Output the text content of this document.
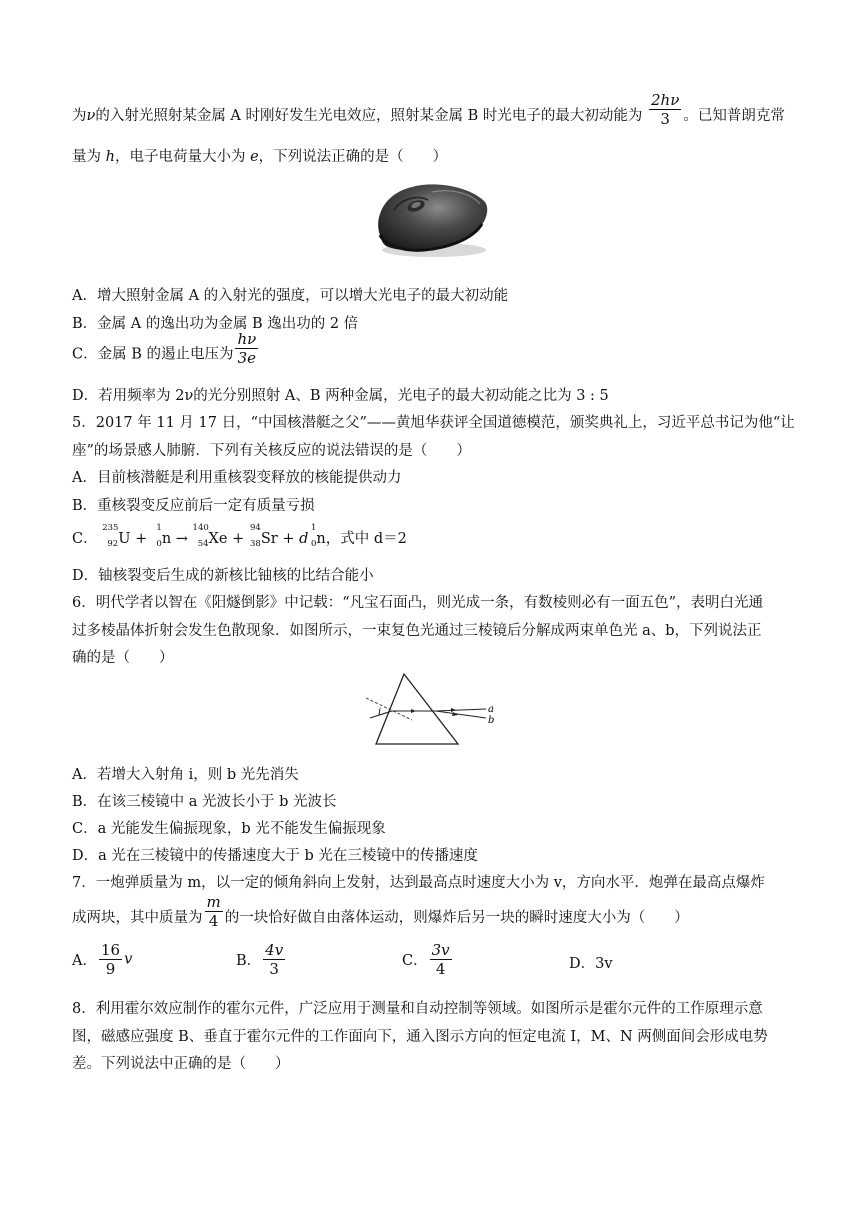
为ν的入射光照射某金属 A 时刚好发生光电效应，照射某金属 B 时光电子的最大初动能为 $\frac{2h\nu}{3}$ 。已知普朗克常
量为 h，电子电荷量大小为 e，下列说法正确的是（　　）
A．增大照射金属 A 的入射光的强度，可以增大光电子的最大初动能
B．金属 A 的逸出功为金属 B 逸出功的 2 倍
C．金属 B 的遏止电压为 $\frac{h\nu}{3e}$
D．若用频率为 2ν的光分别照射 A、B 两种金属，光电子的最大初动能之比为 3 : 5
5．2017 年 11 月 17 日，“中国核潜艇之父”——黄旭华获评全国道德模范，颁奖典礼上，习近平总书记为他“让
座”的场景感人肺腑．下列有关核反应的说法错误的是（　　）
A．目前核潜艇是利用重核裂变释放的核能提供动力
B．重核裂变反应前后一定有质量亏损
C．
235
92 U +
1
0 n →
140
54 Xe +
94
38 Sr + d
1
0 n，式中 d＝2
D．铀核裂变后生成的新核比铀核的比结合能小
6．明代学者以智在《阳燧倒影》中记载：“凡宝石面凸，则光成一条，有数棱则必有一面五色”，表明白光通
过多棱晶体折射会发生色散现象．如图所示，一束复色光通过三棱镜后分解成两束单色光 a、b，下列说法正
确的是（　　）
i	a
b
A．若增大入射角 i，则 b 光先消失
B．在该三棱镜中 a 光波长小于 b 光波长
C．a 光能发生偏振现象，b 光不能发生偏振现象
D．a 光在三棱镜中的传播速度大于 b 光在三棱镜中的传播速度
7．一炮弹质量为 m，以一定的倾角斜向上发射，达到最高点时速度大小为 v，方向水平．炮弹在最高点爆炸
成两块，其中质量为 $\frac{m}{4}$ 的一块恰好做自由落体运动，则爆炸后另一块的瞬时速度大小为（　　）
A． $\frac{16}{9}$ v	B． $\frac{4v}{3}$	C． $\frac{3v}{4}$	D．3v
8．利用霍尔效应制作的霍尔元件，广泛应用于测量和自动控制等领域。如图所示是霍尔元件的工作原理示意
图，磁感应强度 B、垂直于霍尔元件的工作面向下，通入图示方向的恒定电流 I，M、N 两侧面间会形成电势
差。下列说法中正确的是（　　）
